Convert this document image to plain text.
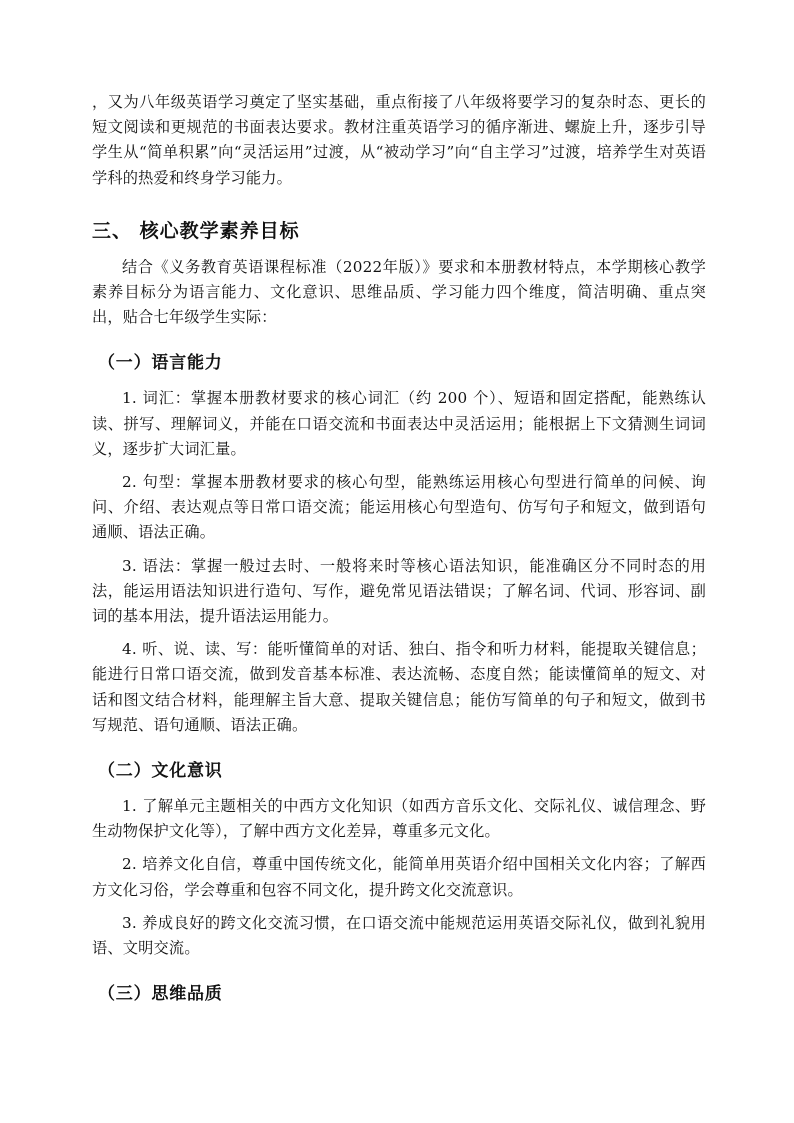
，又为八年级英语学习奠定了坚实基础，重点衔接了八年级将要学习的复杂时态、更长的短文阅读和更规范的书面表达要求。教材注重英语学习的循序渐进、螺旋上升，逐步引导学生从“简单积累”向“灵活运用”过渡，从“被动学习”向“自主学习”过渡，培养学生对英语学科的热爱和终身学习能力。

三、 核心教学素养目标

结合《义务教育英语课程标准（2022年版）》要求和本册教材特点，本学期核心教学素养目标分为语言能力、文化意识、思维品质、学习能力四个维度，简洁明确、重点突出，贴合七年级学生实际：

（一）语言能力

1. 词汇：掌握本册教材要求的核心词汇（约 200 个）、短语和固定搭配，能熟练认读、拼写、理解词义，并能在口语交流和书面表达中灵活运用；能根据上下文猜测生词词义，逐步扩大词汇量。

2. 句型：掌握本册教材要求的核心句型，能熟练运用核心句型进行简单的问候、询问、介绍、表达观点等日常口语交流；能运用核心句型造句、仿写句子和短文，做到语句通顺、语法正确。

3. 语法：掌握一般过去时、一般将来时等核心语法知识，能准确区分不同时态的用法，能运用语法知识进行造句、写作，避免常见语法错误；了解名词、代词、形容词、副词的基本用法，提升语法运用能力。

4. 听、说、读、写：能听懂简单的对话、独白、指令和听力材料，能提取关键信息；能进行日常口语交流，做到发音基本标准、表达流畅、态度自然；能读懂简单的短文、对话和图文结合材料，能理解主旨大意、提取关键信息；能仿写简单的句子和短文，做到书写规范、语句通顺、语法正确。

（二）文化意识

1. 了解单元主题相关的中西方文化知识（如西方音乐文化、交际礼仪、诚信理念、野生动物保护文化等），了解中西方文化差异，尊重多元文化。

2. 培养文化自信，尊重中国传统文化，能简单用英语介绍中国相关文化内容；了解西方文化习俗，学会尊重和包容不同文化，提升跨文化交流意识。

3. 养成良好的跨文化交流习惯，在口语交流中能规范运用英语交际礼仪，做到礼貌用语、文明交流。

（三）思维品质
